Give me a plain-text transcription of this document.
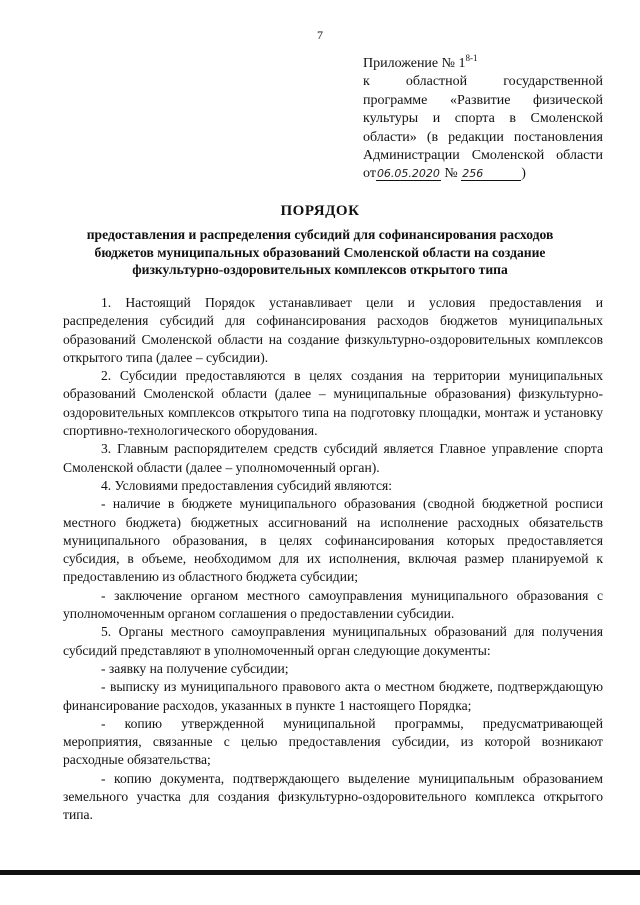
7
Приложение № 1$^{8-1}$
к областной государственной
программе «Развитие физической
культуры и спорта в Смоленской
области» (в редакции постановления
Администрации Смоленской области
от06.05.2020 № 256	)
ПОРЯДОК
предоставления и распределения субсидий для софинансирования расходов бюджетов муниципальных образований Смоленской области на создание физкультурно-оздоровительных комплексов открытого типа

1. Настоящий Порядок устанавливает цели и условия предоставления и распределения субсидий для софинансирования расходов бюджетов муниципальных образований Смоленской области на создание физкультурно-оздоровительных комплексов открытого типа (далее – субсидии).

2. Субсидии предоставляются в целях создания на территории муниципальных образований Смоленской области (далее – муниципальные образования) физкультурно-оздоровительных комплексов открытого типа на подготовку площадки, монтаж и установку спортивно-технологического оборудования.

3. Главным распорядителем средств субсидий является Главное управление спорта Смоленской области (далее – уполномоченный орган).

4. Условиями предоставления субсидий являются:

- наличие в бюджете муниципального образования (сводной бюджетной росписи местного бюджета) бюджетных ассигнований на исполнение расходных обязательств муниципального образования, в целях софинансирования которых предоставляется субсидия, в объеме, необходимом для их исполнения, включая размер планируемой к предоставлению из областного бюджета субсидии;

- заключение органом местного самоуправления муниципального образования с уполномоченным органом соглашения о предоставлении субсидии.

5. Органы местного самоуправления муниципальных образований для получения субсидий представляют в уполномоченный орган следующие документы:

- заявку на получение субсидии;

- выписку из муниципального правового акта о местном бюджете, подтверждающую финансирование расходов, указанных в пункте 1 настоящего Порядка;

- копию утвержденной муниципальной программы, предусматривающей мероприятия, связанные с целью предоставления субсидии, из которой возникают расходные обязательства;

- копию документа, подтверждающего выделение муниципальным образованием земельного участка для создания физкультурно-оздоровительного комплекса открытого типа.
